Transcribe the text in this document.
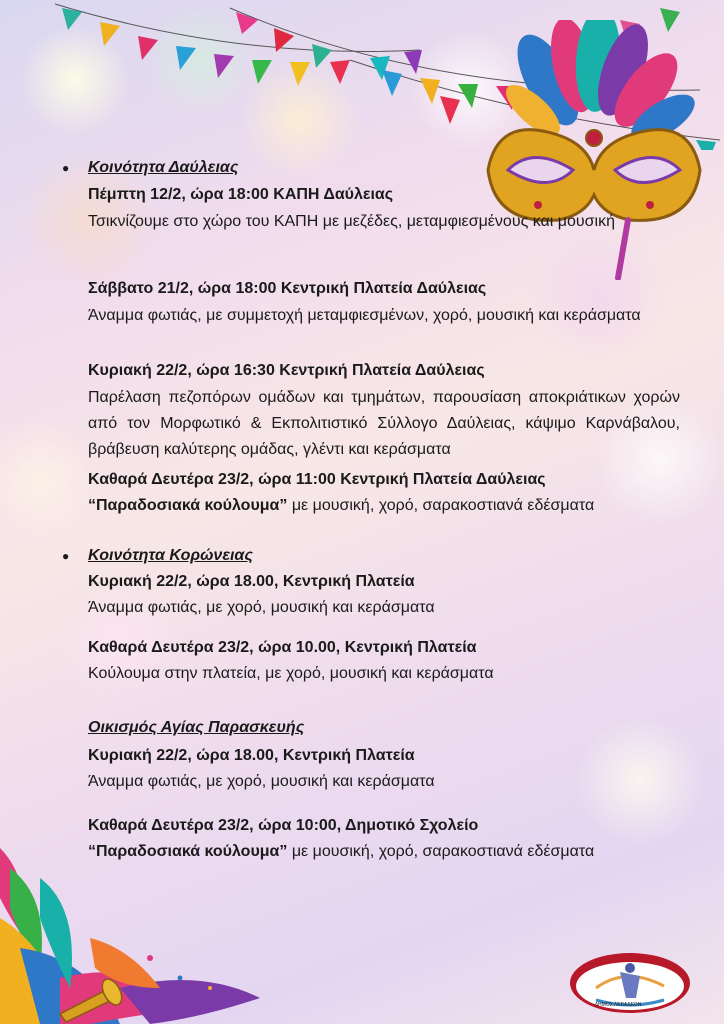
● Κοινότητα Δαύλειας
Πέμπτη 12/2, ώρα 18:00 ΚΑΠΗ Δαύλειας
Τσικνίζουμε στο χώρο του ΚΑΠΗ με μεζέδες, μεταμφιεσμένους και μουσική
Σάββατο 21/2, ώρα 18:00 Κεντρική Πλατεία Δαύλειας
Άναμμα φωτιάς, με συμμετοχή μεταμφιεσμένων, χορό, μουσική και κεράσματα
Κυριακή 22/2, ώρα 16:30 Κεντρική Πλατεία Δαύλειας
Παρέλαση πεζοπόρων ομάδων και τμημάτων, παρουσίαση αποκριάτικων χορών από τον Μορφωτικό & Εκπολιτιστικό Σύλλογο Δαύλειας, κάψιμο Καρνάβαλου, βράβευση καλύτερης ομάδας, γλέντι και κεράσματα
Καθαρά Δευτέρα 23/2, ώρα 11:00 Κεντρική Πλατεία Δαύλειας
“Παραδοσιακά κούλουμα” με μουσική, χορό, σαρακοστιανά εδέσματα
● Κοινότητα Κορώνειας
Κυριακή 22/2, ώρα 18.00, Κεντρική Πλατεία
Άναμμα φωτιάς, με χορό, μουσική και κεράσματα
Καθαρά Δευτέρα 23/2, ώρα 10.00, Κεντρική Πλατεία
Κούλουμα στην πλατεία, με χορό, μουσική και κεράσματα
Οικισμός Αγίας Παρασκευής
Κυριακή 22/2, ώρα 18.00, Κεντρική Πλατεία
Άναμμα φωτιάς, με χορό, μουσική και κεράσματα
Καθαρά Δευτέρα 23/2, ώρα 10:00, Δημοτικό Σχολείο
“Παραδοσιακά κούλουμα” με μουσική, χορό, σαρακοστιανά εδέσματα
ΔΗΜΟΣ ΛΕΒΑΔΕΩΝ
